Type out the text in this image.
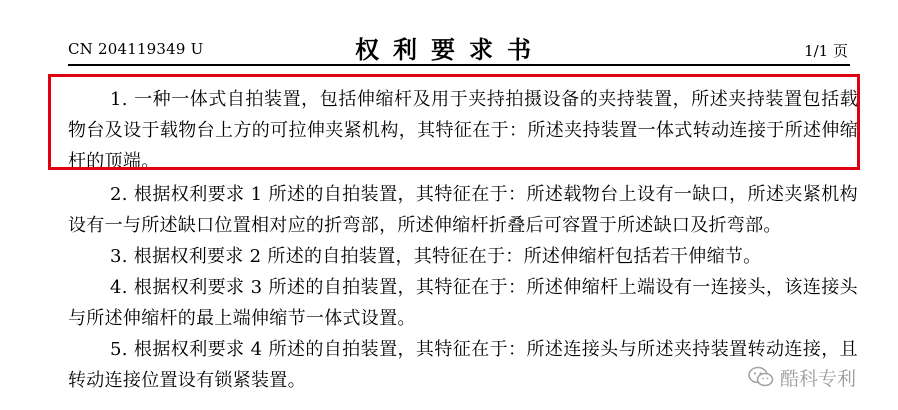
CN 204119349 U	权利要求书	1/1 页

1. 一种一体式自拍装置，包括伸缩杆及用于夹持拍摄设备的夹持装置，所述夹持装置包括载物台及设于载物台上方的可拉伸夹紧机构，其特征在于：所述夹持装置一体式转动连接于所述伸缩杆的顶端。

2. 根据权利要求 1 所述的自拍装置，其特征在于：所述载物台上设有一缺口，所述夹紧机构设有一与所述缺口位置相对应的折弯部，所述伸缩杆折叠后可容置于所述缺口及折弯部。

3. 根据权利要求 2 所述的自拍装置，其特征在于：所述伸缩杆包括若干伸缩节。

4. 根据权利要求 3 所述的自拍装置，其特征在于：所述伸缩杆上端设有一连接头，该连接头与所述伸缩杆的最上端伸缩节一体式设置。

5. 根据权利要求 4 所述的自拍装置，其特征在于：所述连接头与所述夹持装置转动连接，且转动连接位置设有锁紧装置。	酷科专利
